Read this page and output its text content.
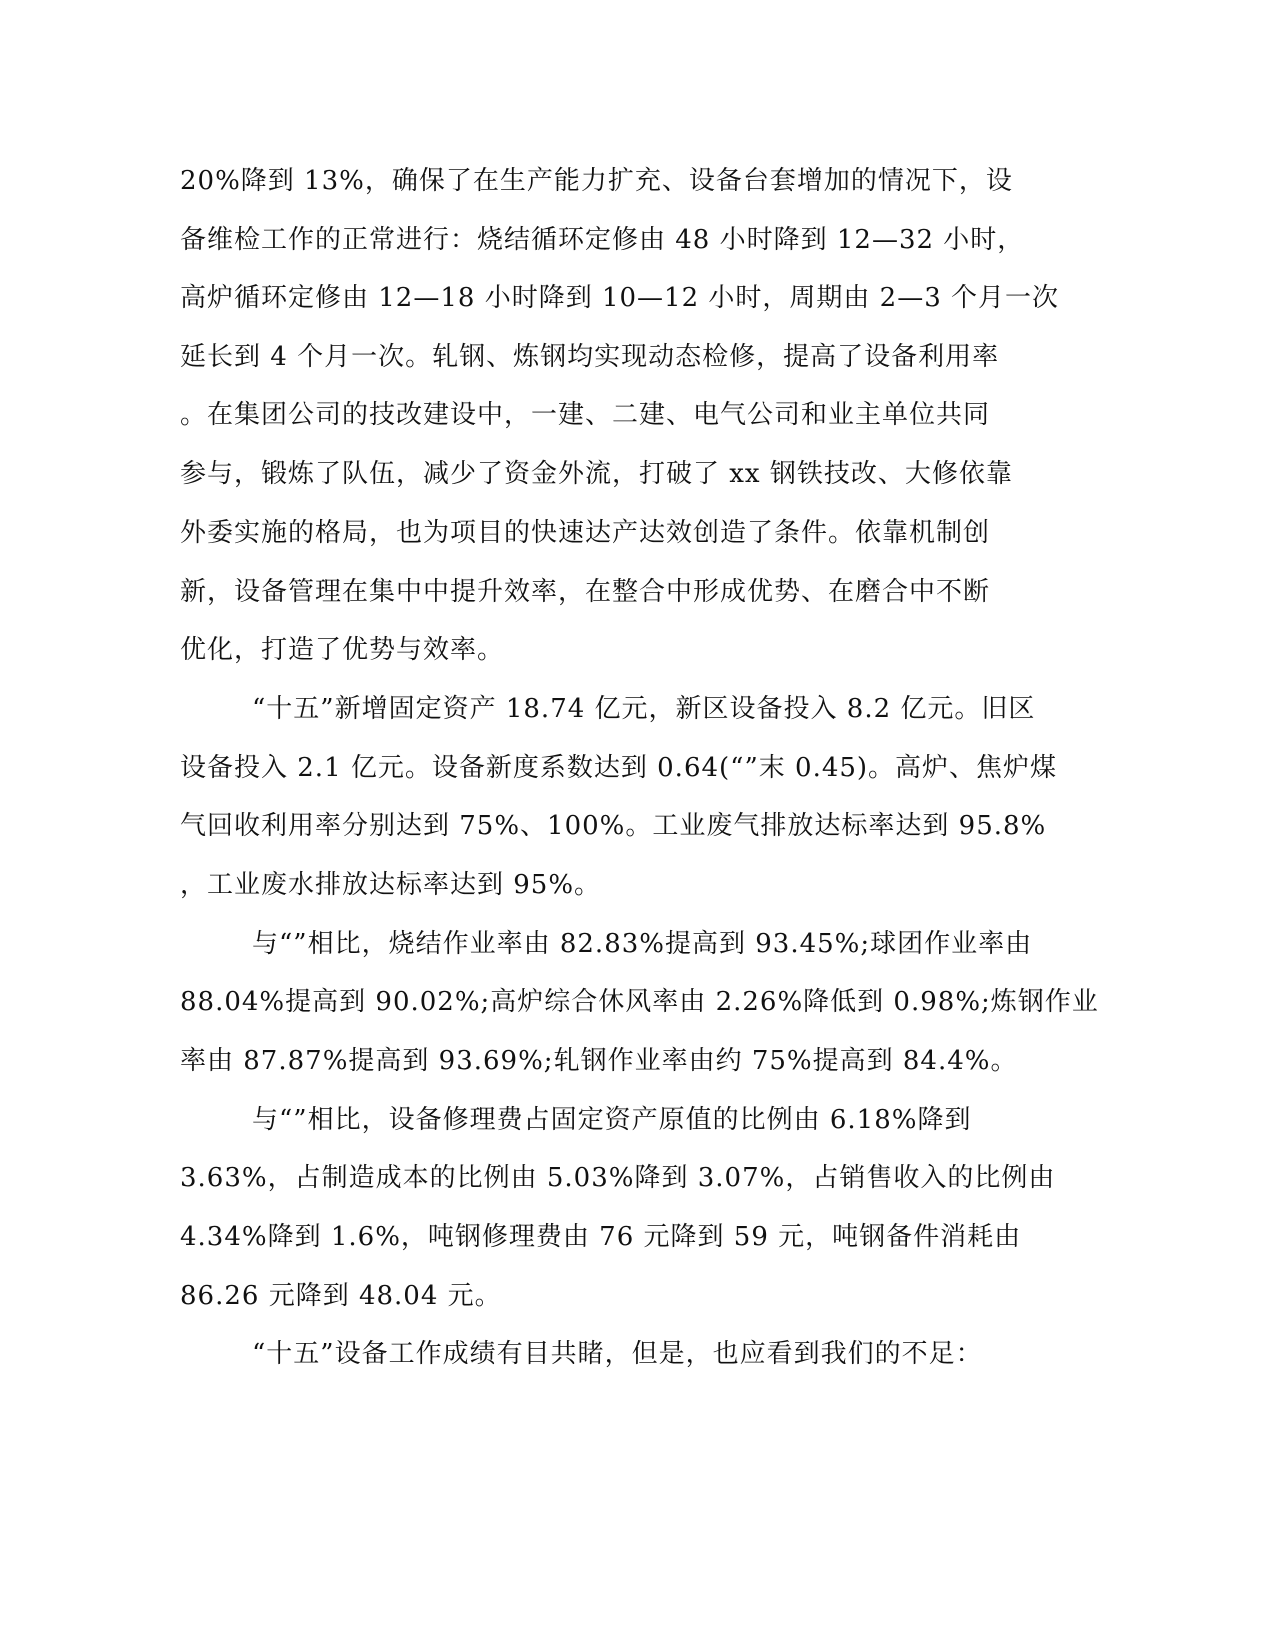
20%降到 13%，确保了在生产能力扩充、设备台套增加的情况下，设
备维检工作的正常进行：烧结循环定修由 48 小时降到 12—32 小时，
高炉循环定修由 12—18 小时降到 10—12 小时，周期由 2—3 个月一次
延长到 4 个月一次。轧钢、炼钢均实现动态检修，提高了设备利用率
。在集团公司的技改建设中，一建、二建、电气公司和业主单位共同
参与，锻炼了队伍，减少了资金外流，打破了 xx 钢铁技改、大修依靠
外委实施的格局，也为项目的快速达产达效创造了条件。依靠机制创
新，设备管理在集中中提升效率，在整合中形成优势、在磨合中不断
优化，打造了优势与效率。
“十五”新增固定资产 18.74 亿元，新区设备投入 8.2 亿元。旧区
设备投入 2.1 亿元。设备新度系数达到 0.64(“”末 0.45)。高炉、焦炉煤
气回收利用率分别达到 75%、100%。工业废气排放达标率达到 95.8%
，工业废水排放达标率达到 95%。
与“”相比，烧结作业率由 82.83%提高到 93.45%;球团作业率由
88.04%提高到 90.02%;高炉综合休风率由 2.26%降低到 0.98%;炼钢作业
率由 87.87%提高到 93.69%;轧钢作业率由约 75%提高到 84.4%。
与“”相比，设备修理费占固定资产原值的比例由 6.18%降到
3.63%，占制造成本的比例由 5.03%降到 3.07%，占销售收入的比例由
4.34%降到 1.6%，吨钢修理费由 76 元降到 59 元，吨钢备件消耗由
86.26 元降到 48.04 元。
“十五”设备工作成绩有目共睹，但是，也应看到我们的不足：
